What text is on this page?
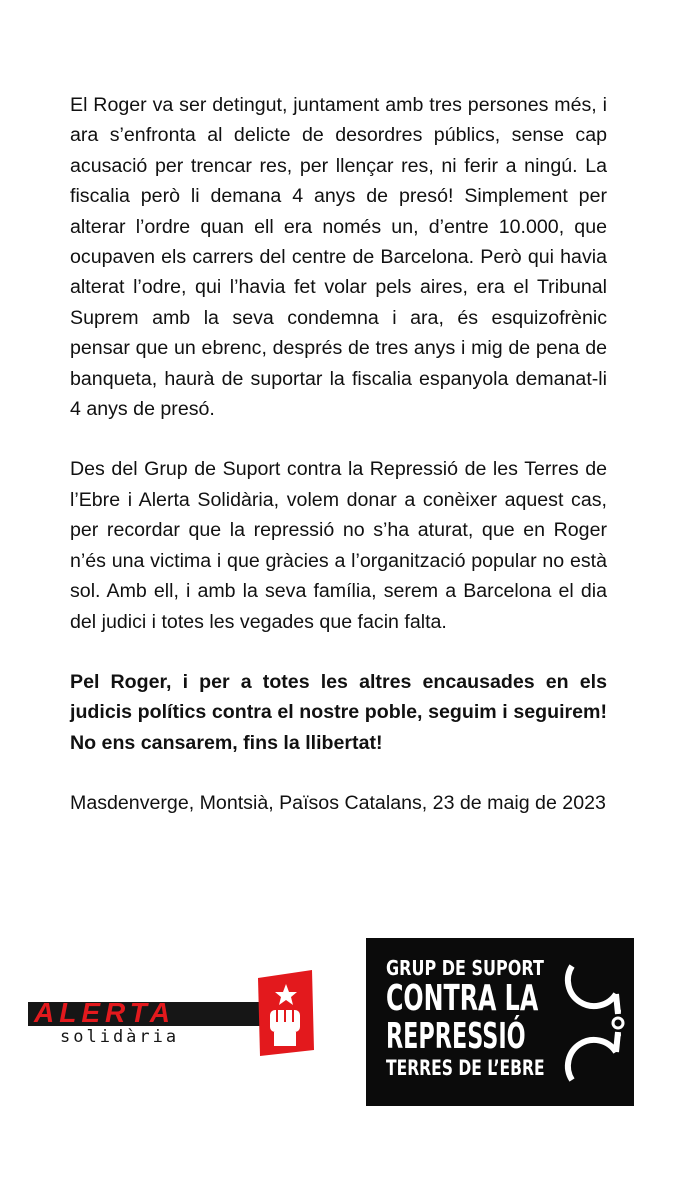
El Roger va ser detingut, juntament amb tres persones més, i ara s’enfronta al delicte de desordres públics, sense cap acusació per trencar res, per llençar res, ni ferir a ningú. La fiscalia però li demana 4 anys de presó! Simplement per alterar l’ordre quan ell era només un, d’entre 10.000, que ocupaven els carrers del centre de Barcelona. Però qui havia alterat l’odre, qui l’havia fet volar pels aires, era el Tribunal Suprem amb la seva condemna i ara, és esquizofrènic pensar que un ebrenc, després de tres anys i mig de pena de banqueta, haurà de suportar la fiscalia espanyola demanat-li 4 anys de presó.

Des del Grup de Suport contra la Repressió de les Terres de l’Ebre i Alerta Solidària, volem donar a conèixer aquest cas, per recordar que la repressió no s’ha aturat, que en Roger n’és una victima i que gràcies a l’organització popular no està sol. Amb ell, i amb la seva família, serem a Barcelona el dia del judici i totes les vegades que facin falta.

Pel Roger, i per a totes les altres encausades en els judicis polítics contra el nostre poble, seguim i seguirem! No ens cansarem, fins la llibertat!

Masdenverge, Montsià, Països Catalans, 23 de maig de 2023

ALERTA
solidària
GRUP DE SUPORT
CONTRA LA
REPRESSIÓ
TERRES DE L’EBRE
